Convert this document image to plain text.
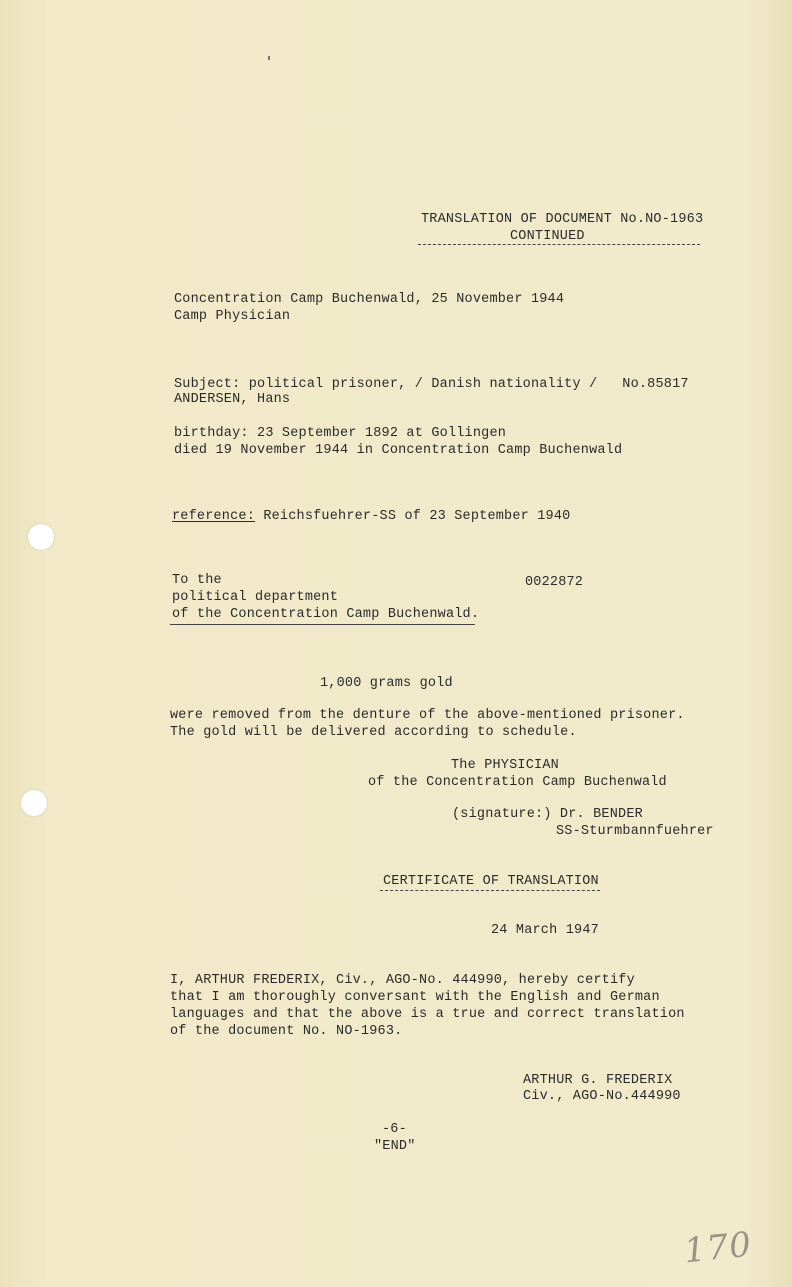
TRANSLATION OF DOCUMENT No.NO-1963
CONTINUED
Concentration Camp Buchenwald, 25 November 1944
Camp Physician
Subject: political prisoner, / Danish nationality /   No.85817
ANDERSEN, Hans
birthday: 23 September 1892 at Gollingen
died 19 November 1944 in Concentration Camp Buchenwald
reference: Reichsfuehrer-SS of 23 September 1940
To the	0022872
political department
of the Concentration Camp Buchenwald.
1,000 grams gold
were removed from the denture of the above-mentioned prisoner.
The gold will be delivered according to schedule.
The PHYSICIAN
of the Concentration Camp Buchenwald
(signature:) Dr. BENDER
SS-Sturmbannfuehrer
CERTIFICATE OF TRANSLATION
24 March 1947
I, ARTHUR FREDERIX, Civ., AGO-No. 444990, hereby certify
that I am thoroughly conversant with the English and German
languages and that the above is a true and correct translation
of the document No. NO-1963.
ARTHUR G. FREDERIX
Civ., AGO-No.444990
-6-
"END"
170
